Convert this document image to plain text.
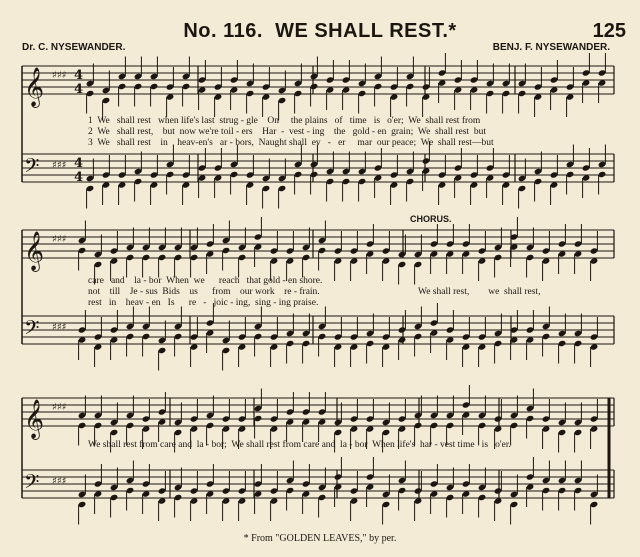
No. 116. WE SHALL REST.*	125
Dr. C. NYSEWANDER.	BENJ. F. NYSEWANDER.
𝄞
𝄢
♯♯♯
♯♯♯
4
4
4
4
𝄞
𝄢
♯♯♯
♯♯♯
𝄞
𝄢
♯♯♯
♯♯♯
1  We   shall rest   when life's last  strug - gle    On     the plains   of   time   is   o'er;  We  shall rest from
2  We   shall rest,    but  now we're toil - ers    Har  -  vest - ing    the   gold - en  grain;  We  shall rest  but
3  We   shall rest    in    heav-en's   ar - bors,  Naught shall  ev   -   er     mar  our peace;  We  shall rest—but
CHORUS.
care   and    la - bor  When  we      reach   that gold - en shore.
not    till    Je - sus  Bids    us      from    our work    re - frain.
rest   in    heav - en   Is      re   -   joic - ing,  sing - ing praise.
We shall rest,        we  shall rest,
We shall rest from care and  la - bor;  We shall rest from care and  la - bor  When life's  har - vest time   is   o'er.
* From "GOLDEN LEAVES," by per.
